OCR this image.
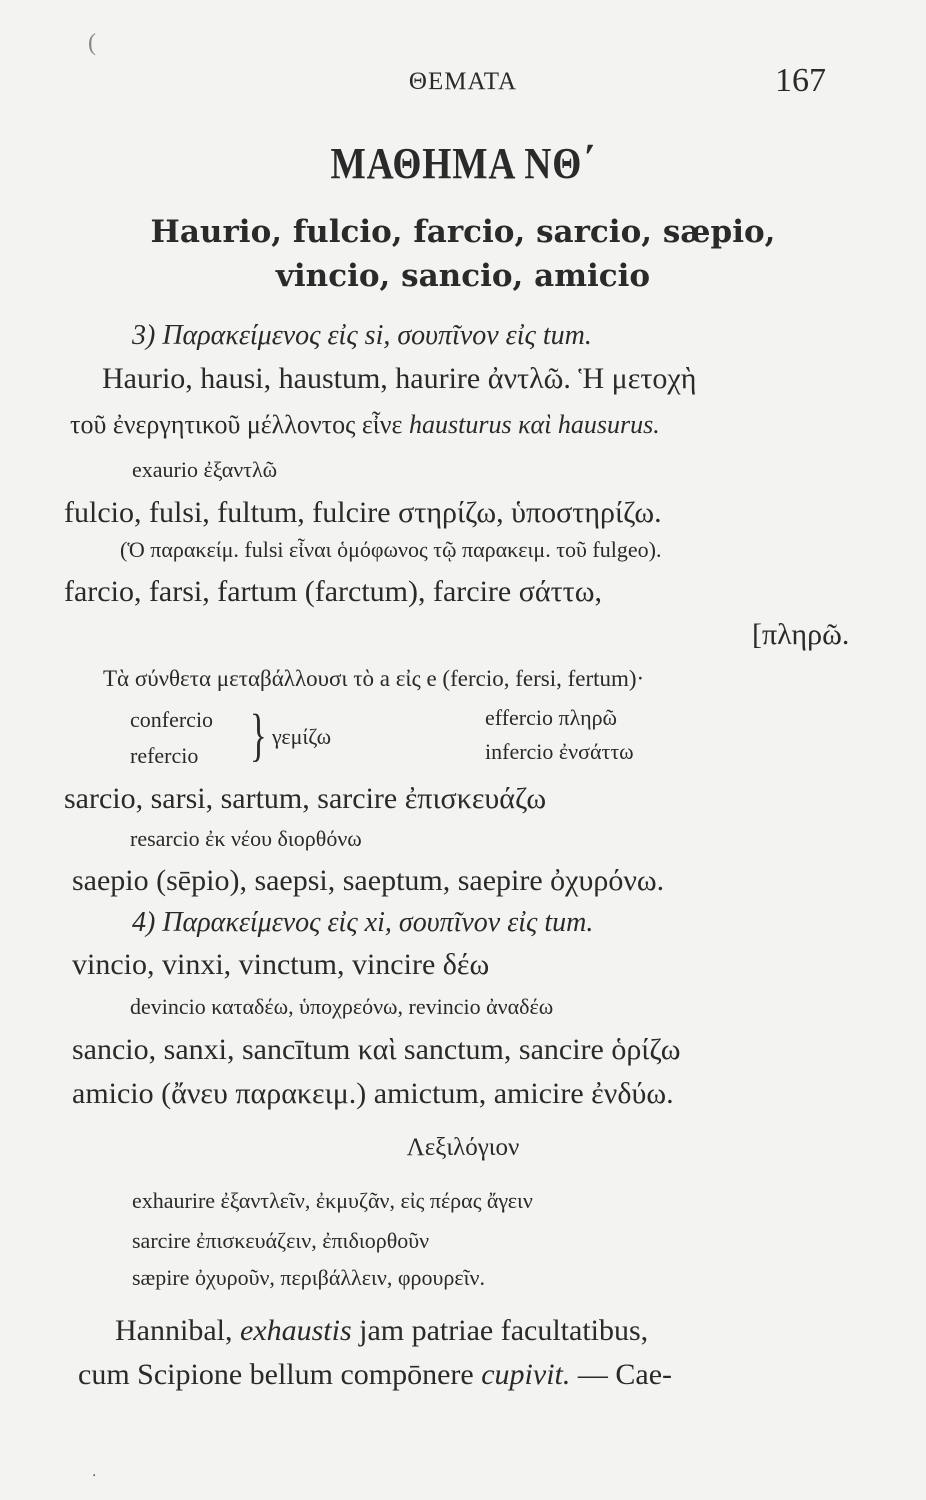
(
ΘΕΜΑΤΑ	167
ΜΑΘΗΜΑ ΝΘ΄
Haurio, fulcio, farcio, sarcio, sæpio,
vincio, sancio, amicio
3) Παρακείμενος εἰς si, σουπῖνον εἰς tum.
Haurio, hausi, haustum, haurire ἀντλῶ. Ἡ μετοχὴ
τοῦ ἐνεργητικοῦ μέλλοντος εἶνε hausturus καὶ hausurus.
exaurio ἐξαντλῶ
fulcio, fulsi, fultum, fulcire στηρίζω, ὑποστηρίζω.
(Ὁ παρακείμ. fulsi εἶναι ὁμόφωνος τῷ παρακειμ. τοῦ fulgeo).
farcio, farsi, fartum (farctum), farcire σάττω,
[πληρῶ.
Τὰ σύνθετα μεταβάλλουσι τὸ a εἰς e (fercio, fersi, fertum)·
confercio
refercio } γεμίζω
effercio πληρῶ
infercio ἐνσάττω
sarcio, sarsi, sartum, sarcire ἐπισκευάζω
resarcio ἐκ νέου διορθόνω
saepio (sēpio), saepsi, saeptum, saepire ὀχυρόνω.
4) Παρακείμενος εἰς xi, σουπῖνον εἰς tum.
vincio, vinxi, vinctum, vincire δέω
devincio καταδέω, ὑποχρεόνω, revincio ἀναδέω
sancio, sanxi, sancītum καὶ sanctum, sancire ὁρίζω
amicio (ἄνευ παρακειμ.) amictum, amicire ἐνδύω.
Λεξιλόγιον
exhaurire ἐξαντλεῖν, ἐκμυζᾶν, εἰς πέρας ἄγειν
sarcire ἐπισκευάζειν, ἐπιδιορθοῦν
sæpire ὀχυροῦν, περιβάλλειν, φρουρεῖν.
Hannibal, exhaustis jam patriae facultatibus,
cum Scipione bellum compōnere cupivit. — Cae-
·
